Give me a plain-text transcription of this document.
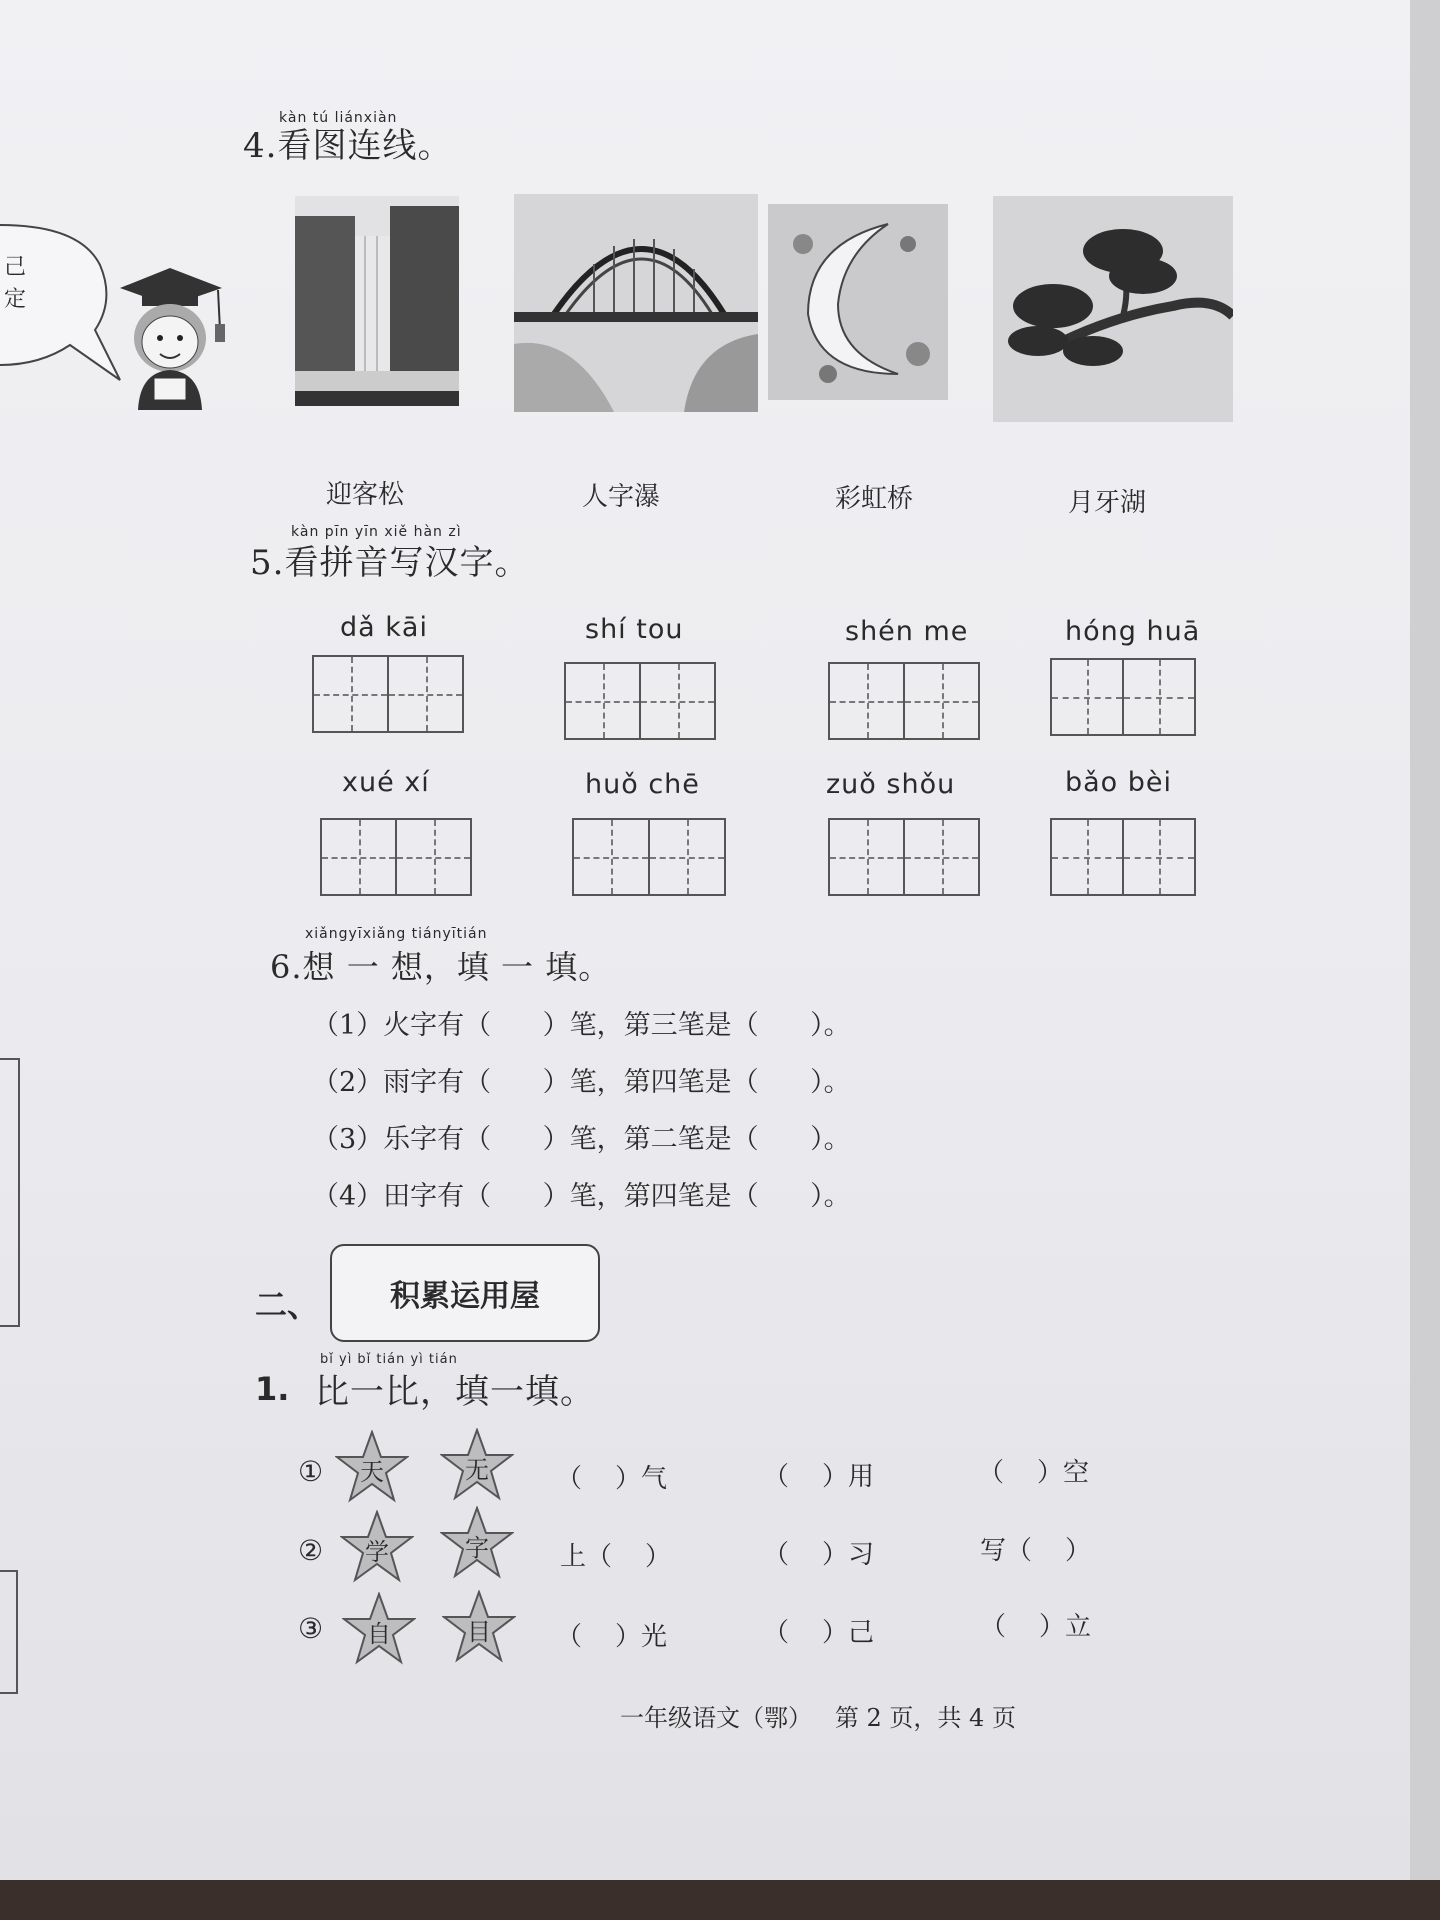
己
定
4.看图连线。
kàn tú liánxiàn
迎客松	人字瀑	彩虹桥	月牙湖
5.看拼音写汉字。
kàn pīn yīn xiě hàn zì
dǎ kāi	shí tou	shén me	hóng huā
xué xí	huǒ chē	zuǒ shǒu	bǎo bèi
xiǎngyīxiǎng tiányītián
6.想 一 想，填 一 填。
（1）火字有（      ）笔，第三笔是（      ）。
（2）雨字有（      ）笔，第四笔是（      ）。
（3）乐字有（      ）笔，第二笔是（      ）。
（4）田字有（      ）笔，第四笔是（      ）。
二、 积累运用屋
bǐ yì bǐ tián yì tián
1. 比一比，填一填。
①	天	无	（    ）气	（    ）用	（    ）空
②	学	字	上（    ）	（    ）习	写（    ）
③	自	目	（    ）光	（    ）己	（    ）立
一年级语文（鄂）   第 2 页，共 4 页
